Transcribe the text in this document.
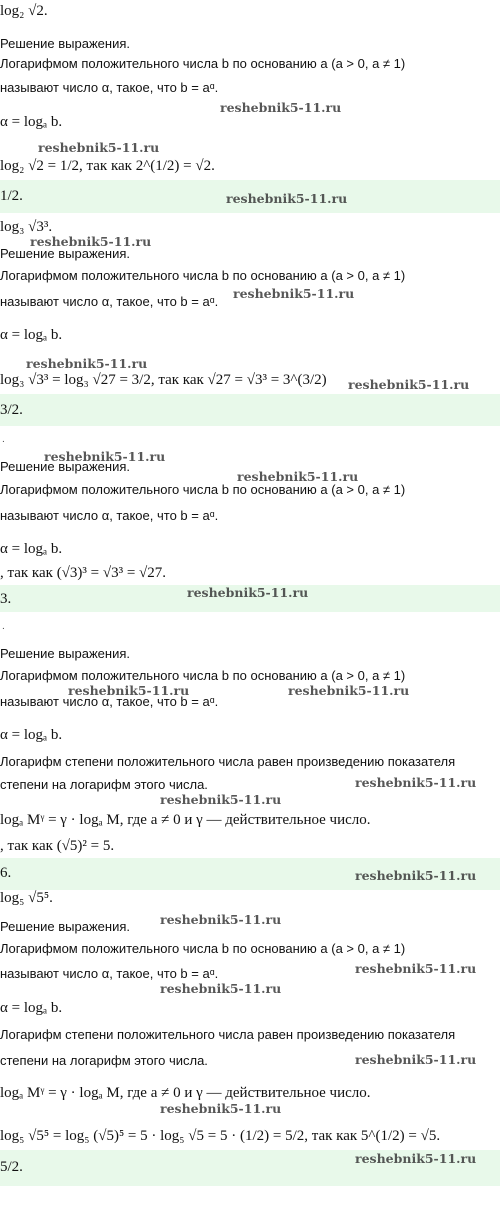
log₂ √2.
Решение выражения.
Логарифмом положительного числа b по основанию a (a > 0, a ≠ 1)
называют число α, такое, что b = aᵅ.
reshebnik5-11.ru
α = logₐ b.
reshebnik5-11.ru
log₂ √2 = 1/2, так как 2^(1/2) = √2.
1/2.	reshebnik5-11.ru
log₃ √3³.
reshebnik5-11.ru
Решение выражения.
Логарифмом положительного числа b по основанию a (a > 0, a ≠ 1)
reshebnik5-11.ru
называют число α, такое, что b = aᵅ.
α = logₐ b.
reshebnik5-11.ru
log₃ √3³ = log₃ √27 = 3/2, так как √27 = √3³ = 3^(3/2) reshebnik5-11.ru
3/2.
.
reshebnik5-11.ru
Решение выражения.
reshebnik5-11.ru
Логарифмом положительного числа b по основанию a (a > 0, a ≠ 1)
называют число α, такое, что b = aᵅ.
α = logₐ b.
, так как (√3)³ = √3³ = √27.
3.	reshebnik5-11.ru
.
Решение выражения.
Логарифмом положительного числа b по основанию a (a > 0, a ≠ 1)
reshebnik5-11.ru	reshebnik5-11.ru
называют число α, такое, что b = aᵅ.
α = logₐ b.
Логарифм степени положительного числа равен произведению показателя
степени на логарифм этого числа.	reshebnik5-11.ru
reshebnik5-11.ru
logₐ Mᵞ = γ · logₐ M, где a ≠ 0 и γ — действительное число.
, так как (√5)² = 5.
6.	reshebnik5-11.ru
log₅ √5⁵.
reshebnik5-11.ru
Решение выражения.
Логарифмом положительного числа b по основанию a (a > 0, a ≠ 1)
reshebnik5-11.ru
называют число α, такое, что b = aᵅ.
reshebnik5-11.ru
α = logₐ b.
Логарифм степени положительного числа равен произведению показателя
степени на логарифм этого числа.	reshebnik5-11.ru
logₐ Mᵞ = γ · logₐ M, где a ≠ 0 и γ — действительное число.
reshebnik5-11.ru
log₅ √5⁵ = log₅ (√5)⁵ = 5 · log₅ √5 = 5 · (1/2) = 5/2, так как 5^(1/2) = √5.
5/2.
reshebnik5-11.ru
